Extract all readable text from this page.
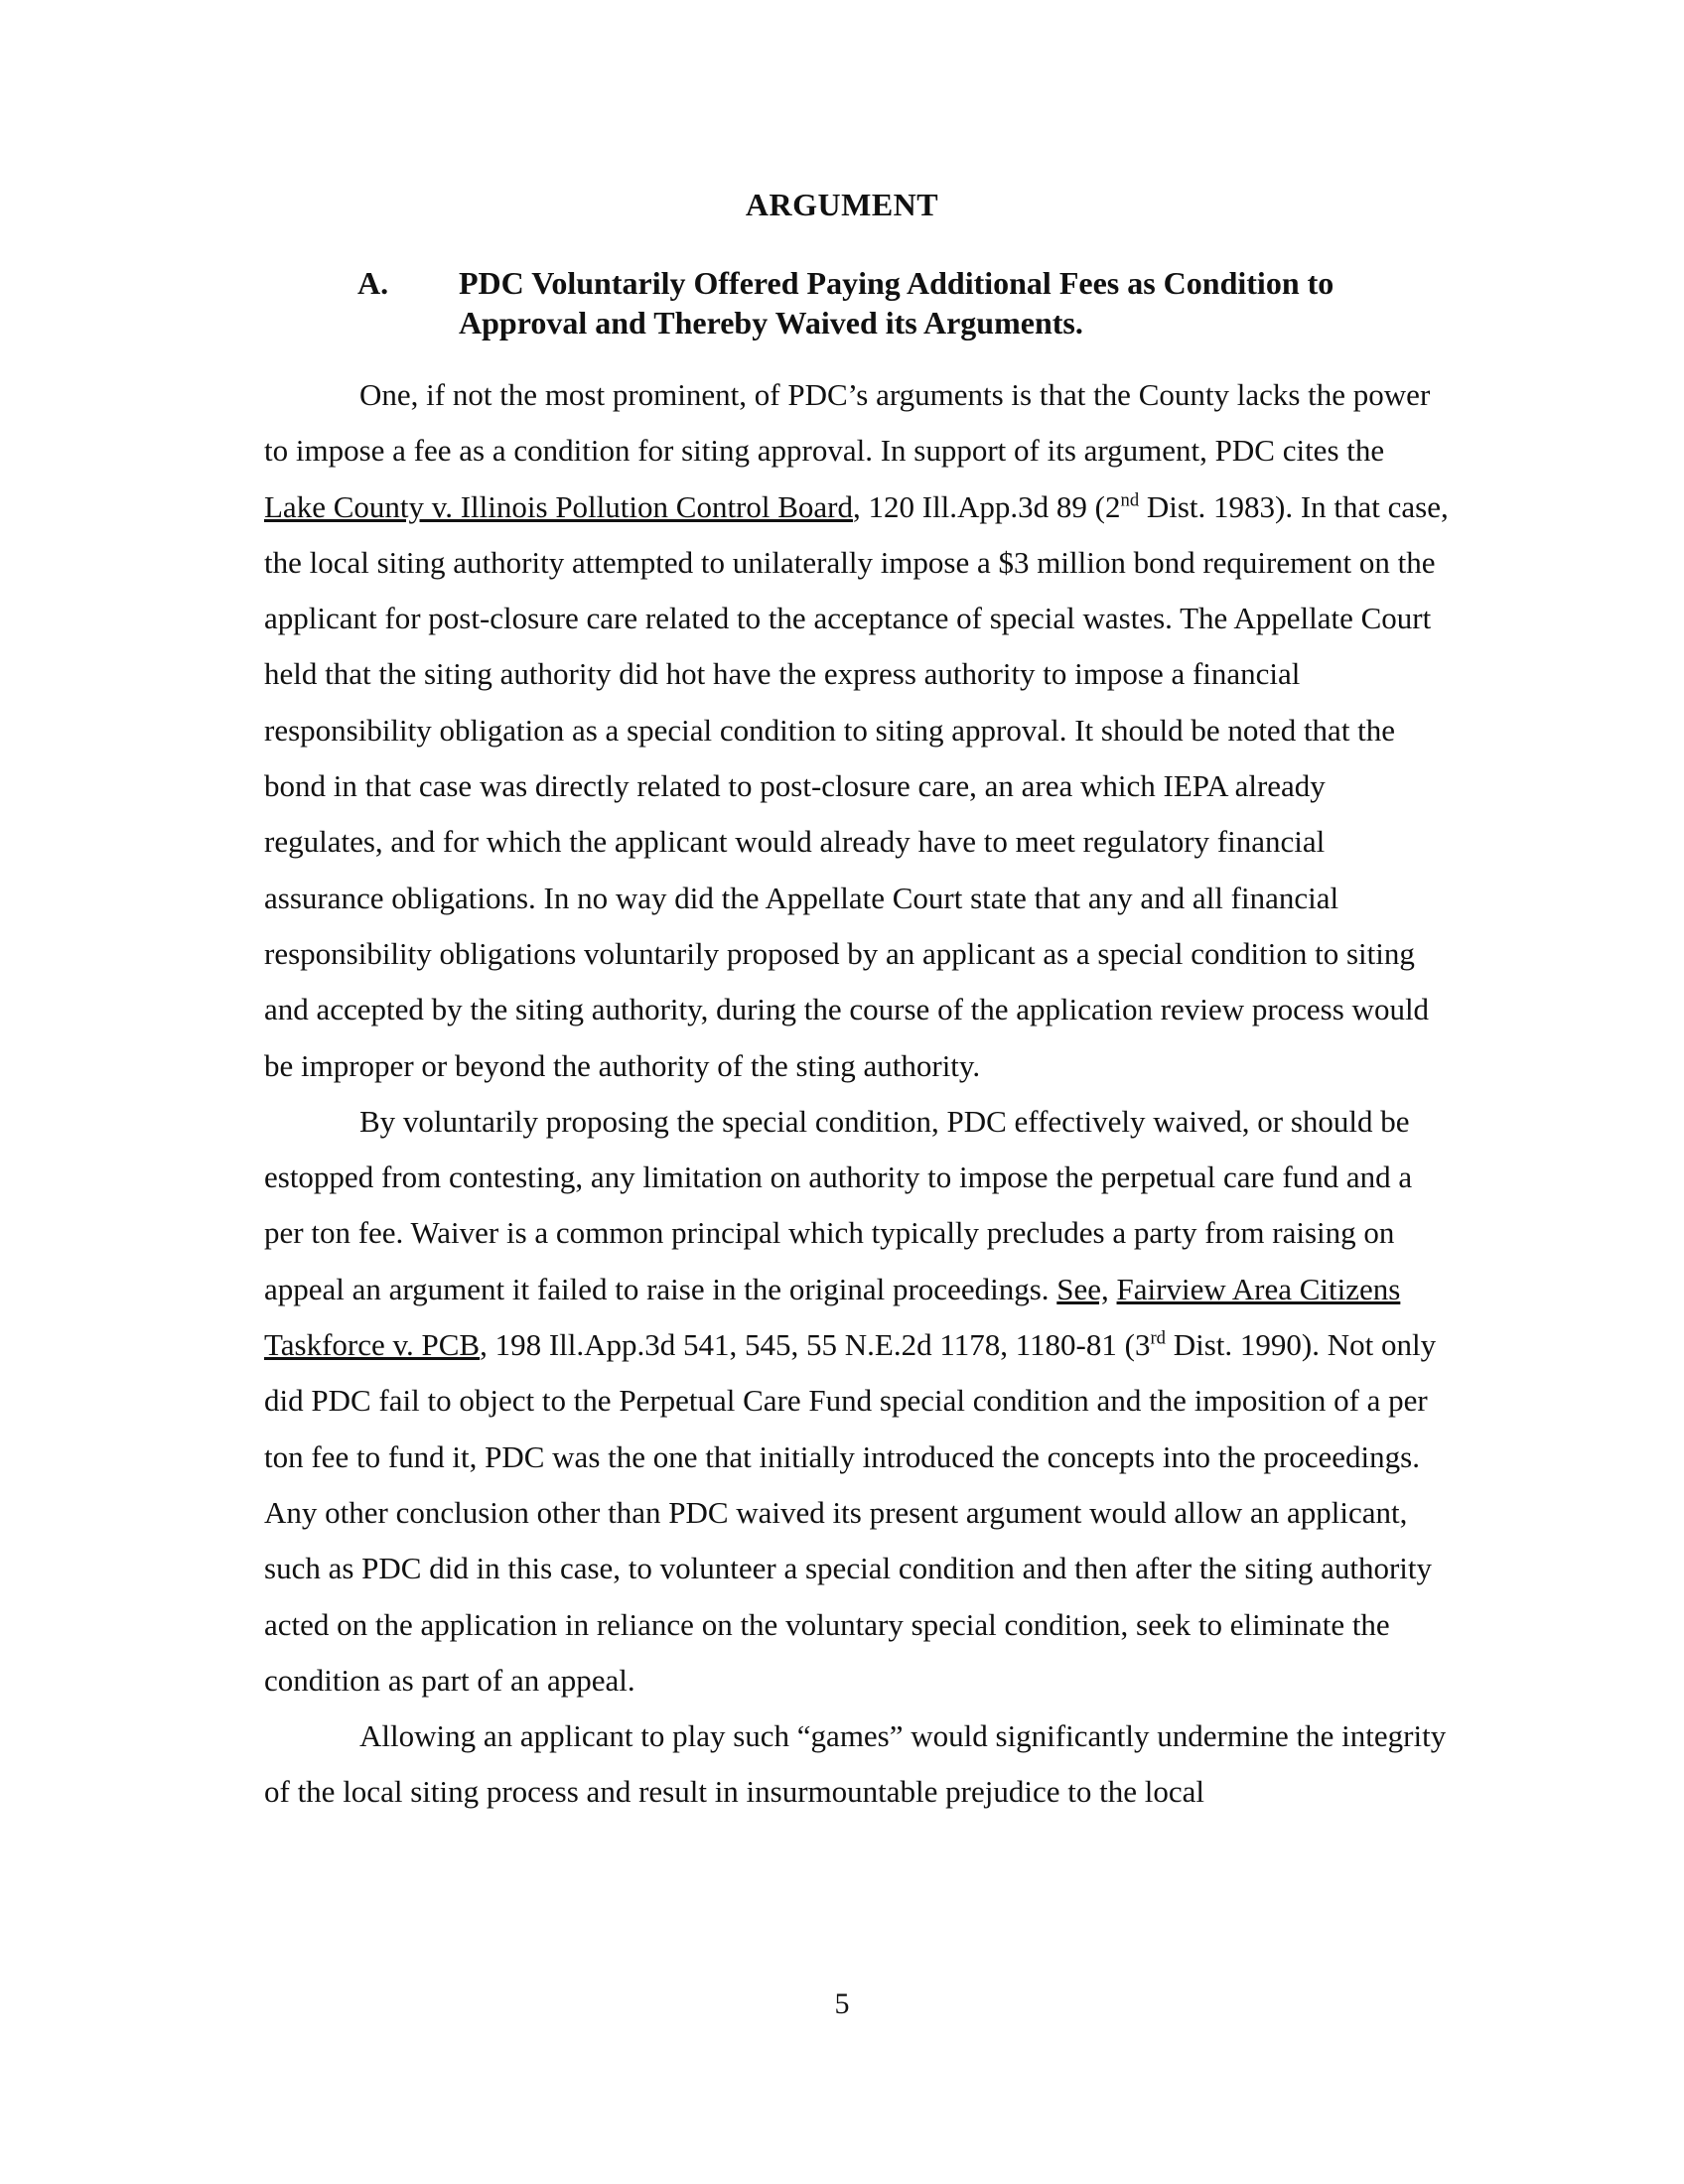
ARGUMENT
A. PDC Voluntarily Offered Paying Additional Fees as Condition to
Approval and Thereby Waived its Arguments.

One, if not the most prominent, of PDC’s arguments is that the County lacks the power to impose a fee as a condition for siting approval. In support of its argument, PDC cites the Lake County v. Illinois Pollution Control Board, 120 Ill.App.3d 89 (2nd Dist. 1983). In that case, the local siting authority attempted to unilaterally impose a $3 million bond requirement on the applicant for post-closure care related to the acceptance of special wastes. The Appellate Court held that the siting authority did hot have the express authority to impose a financial responsibility obligation as a special condition to siting approval. It should be noted that the bond in that case was directly related to post-closure care, an area which IEPA already regulates, and for which the applicant would already have to meet regulatory financial assurance obligations. In no way did the Appellate Court state that any and all financial responsibility obligations voluntarily proposed by an applicant as a special condition to siting and accepted by the siting authority, during the course of the application review process would be improper or beyond the authority of the sting authority.

By voluntarily proposing the special condition, PDC effectively waived, or should be estopped from contesting, any limitation on authority to impose the perpetual care fund and a per ton fee. Waiver is a common principal which typically precludes a party from raising on appeal an argument it failed to raise in the original proceedings. See, Fairview Area Citizens Taskforce v. PCB, 198 Ill.App.3d 541, 545, 55 N.E.2d 1178, 1180-81 (3rd Dist. 1990). Not only did PDC fail to object to the Perpetual Care Fund special condition and the imposition of a per ton fee to fund it, PDC was the one that initially introduced the concepts into the proceedings. Any other conclusion other than PDC waived its present argument would allow an applicant, such as PDC did in this case, to volunteer a special condition and then after the siting authority acted on the application in reliance on the voluntary special condition, seek to eliminate the condition as part of an appeal.

Allowing an applicant to play such “games” would significantly undermine the integrity of the local siting process and result in insurmountable prejudice to the local

5
